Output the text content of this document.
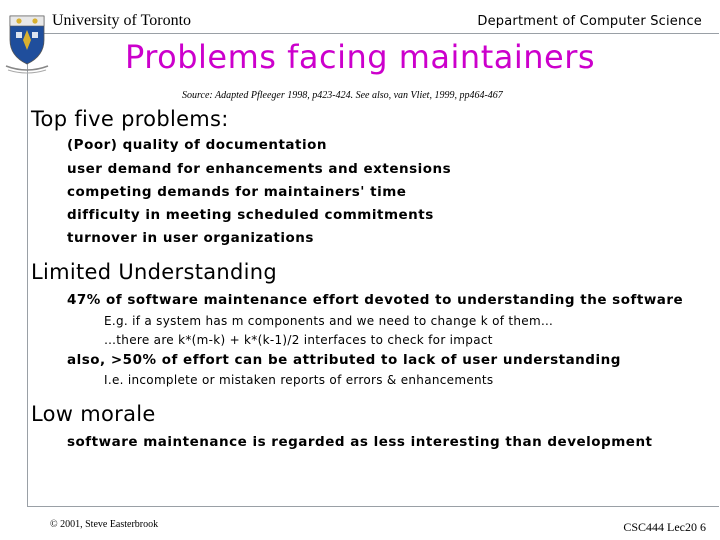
University of Toronto	Department of Computer Science
Problems facing maintainers
Source: Adapted Pfleeger 1998, p423-424. See also, van Vliet, 1999, pp464-467
Top five problems:
(Poor) quality of documentation
user demand for enhancements and extensions
competing demands for maintainers' time
difficulty in meeting scheduled commitments
turnover in user organizations
Limited Understanding
47% of software maintenance effort devoted to understanding the software
E.g. if a system has m components and we need to change k of them…
…there are k*(m-k) + k*(k-1)/2 interfaces to check for impact
also, >50% of effort can be attributed to lack of user understanding
I.e. incomplete or mistaken reports of errors & enhancements
Low morale
software maintenance is regarded as less interesting than development
© 2001, Steve Easterbrook	CSC444 Lec20 6
